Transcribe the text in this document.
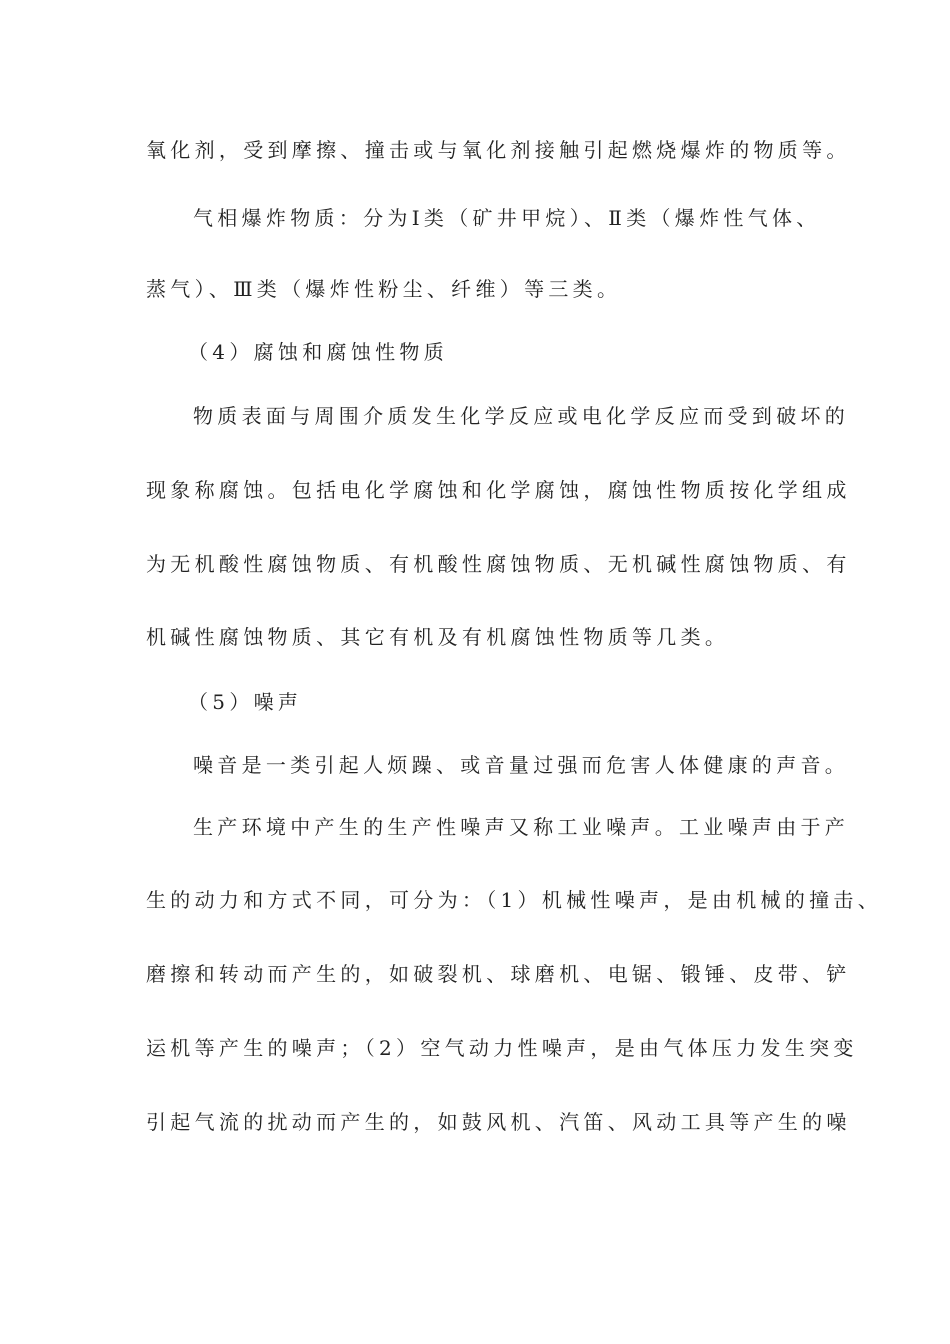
氧化剂，受到摩擦、撞击或与氧化剂接触引起燃烧爆炸的物质等。

气相爆炸物质：分为Ⅰ类（矿井甲烷）、Ⅱ类（爆炸性气体、

蒸气）、Ⅲ类（爆炸性粉尘、纤维）等三类。

（4）腐蚀和腐蚀性物质

物质表面与周围介质发生化学反应或电化学反应而受到破坏的

现象称腐蚀。包括电化学腐蚀和化学腐蚀，腐蚀性物质按化学组成

为无机酸性腐蚀物质、有机酸性腐蚀物质、无机碱性腐蚀物质、有

机碱性腐蚀物质、其它有机及有机腐蚀性物质等几类。

（5）噪声

噪音是一类引起人烦躁、或音量过强而危害人体健康的声音。

生产环境中产生的生产性噪声又称工业噪声。工业噪声由于产

生的动力和方式不同，可分为：（1）机械性噪声，是由机械的撞击、

磨擦和转动而产生的，如破裂机、球磨机、电锯、锻锤、皮带、铲

运机等产生的噪声；（2）空气动力性噪声，是由气体压力发生突变

引起气流的扰动而产生的，如鼓风机、汽笛、风动工具等产生的噪
